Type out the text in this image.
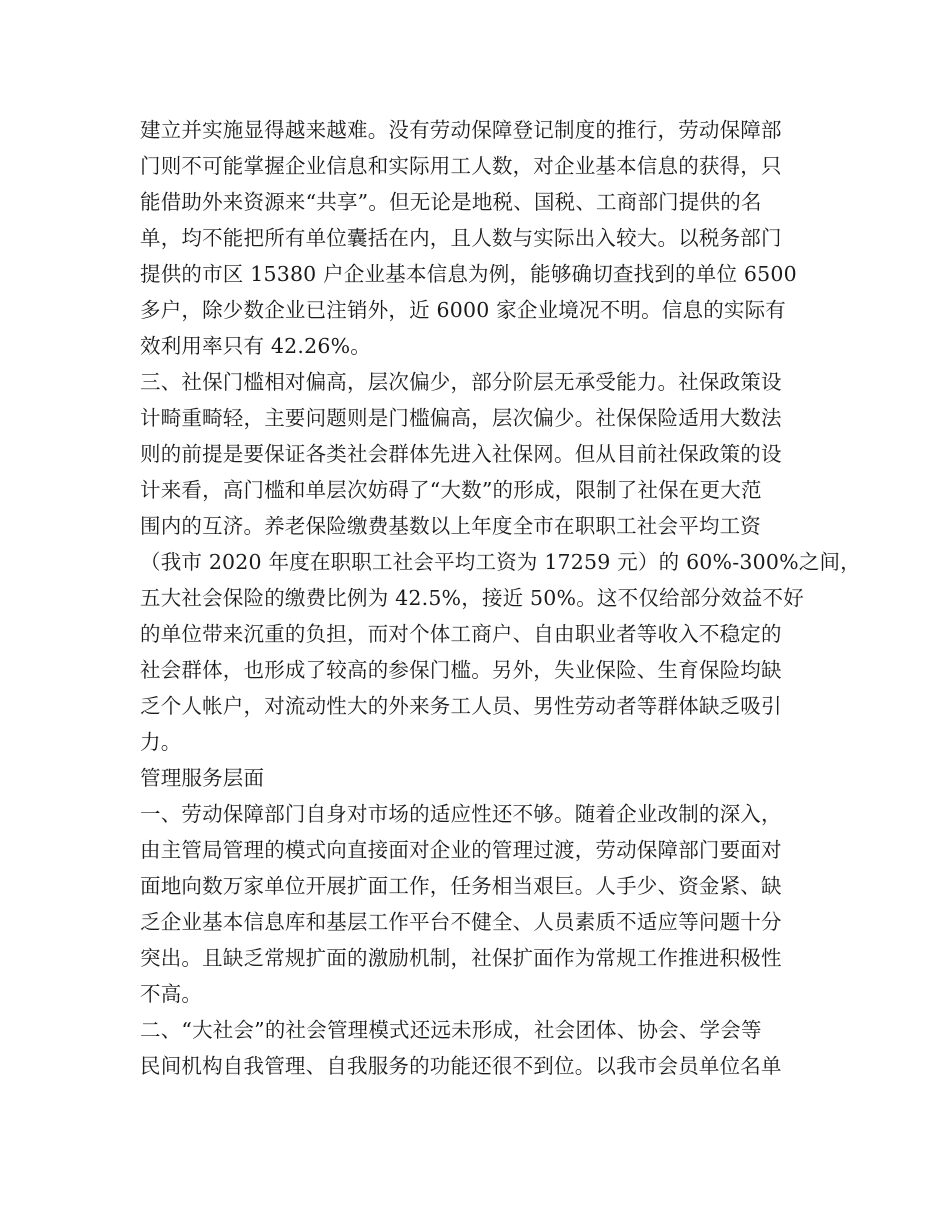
建立并实施显得越来越难。没有劳动保障登记制度的推行，劳动保障部
门则不可能掌握企业信息和实际用工人数，对企业基本信息的获得，只
能借助外来资源来“共享”。但无论是地税、国税、工商部门提供的名
单，均不能把所有单位囊括在内，且人数与实际出入较大。以税务部门
提供的市区 15380 户企业基本信息为例，能够确切查找到的单位 6500
多户，除少数企业已注销外，近 6000 家企业境况不明。信息的实际有
效利用率只有 42.26%。
三、社保门槛相对偏高，层次偏少，部分阶层无承受能力。社保政策设
计畸重畸轻，主要问题则是门槛偏高，层次偏少。社保保险适用大数法
则的前提是要保证各类社会群体先进入社保网。但从目前社保政策的设
计来看，高门槛和单层次妨碍了“大数”的形成，限制了社保在更大范
围内的互济。养老保险缴费基数以上年度全市在职职工社会平均工资
（我市 2020 年度在职职工社会平均工资为 17259 元）的 60%-300%之间，
五大社会保险的缴费比例为 42.5%，接近 50%。这不仅给部分效益不好
的单位带来沉重的负担，而对个体工商户、自由职业者等收入不稳定的
社会群体，也形成了较高的参保门槛。另外，失业保险、生育保险均缺
乏个人帐户，对流动性大的外来务工人员、男性劳动者等群体缺乏吸引
力。
管理服务层面
一、劳动保障部门自身对市场的适应性还不够。随着企业改制的深入，
由主管局管理的模式向直接面对企业的管理过渡，劳动保障部门要面对
面地向数万家单位开展扩面工作，任务相当艰巨。人手少、资金紧、缺
乏企业基本信息库和基层工作平台不健全、人员素质不适应等问题十分
突出。且缺乏常规扩面的激励机制，社保扩面作为常规工作推进积极性
不高。
二、“大社会”的社会管理模式还远未形成，社会团体、协会、学会等
民间机构自我管理、自我服务的功能还很不到位。以我市会员单位名单
